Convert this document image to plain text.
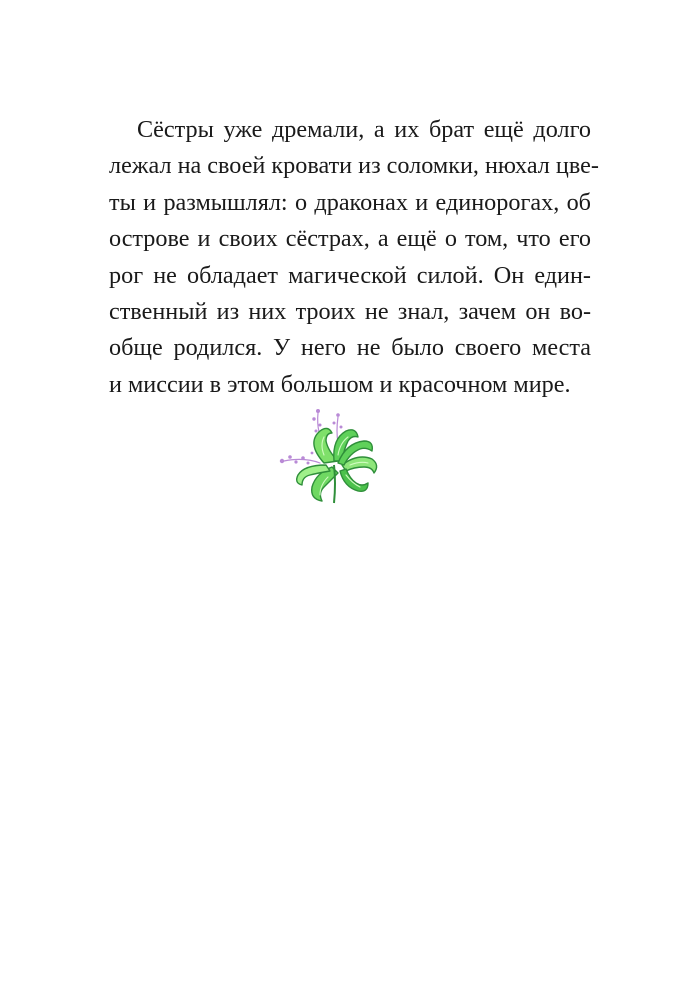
Сёстры уже дремали, а их брат ещё долго
лежал на своей кровати из соломки, нюхал цве-
ты и размышлял: о драконах и единорогах, об
острове и своих сёстрах, а ещё о том, что его
рог не обладает магической силой. Он един-
ственный из них троих не знал, зачем он во-
обще родился. У него не было своего места
и миссии в этом большом и красочном мире.
